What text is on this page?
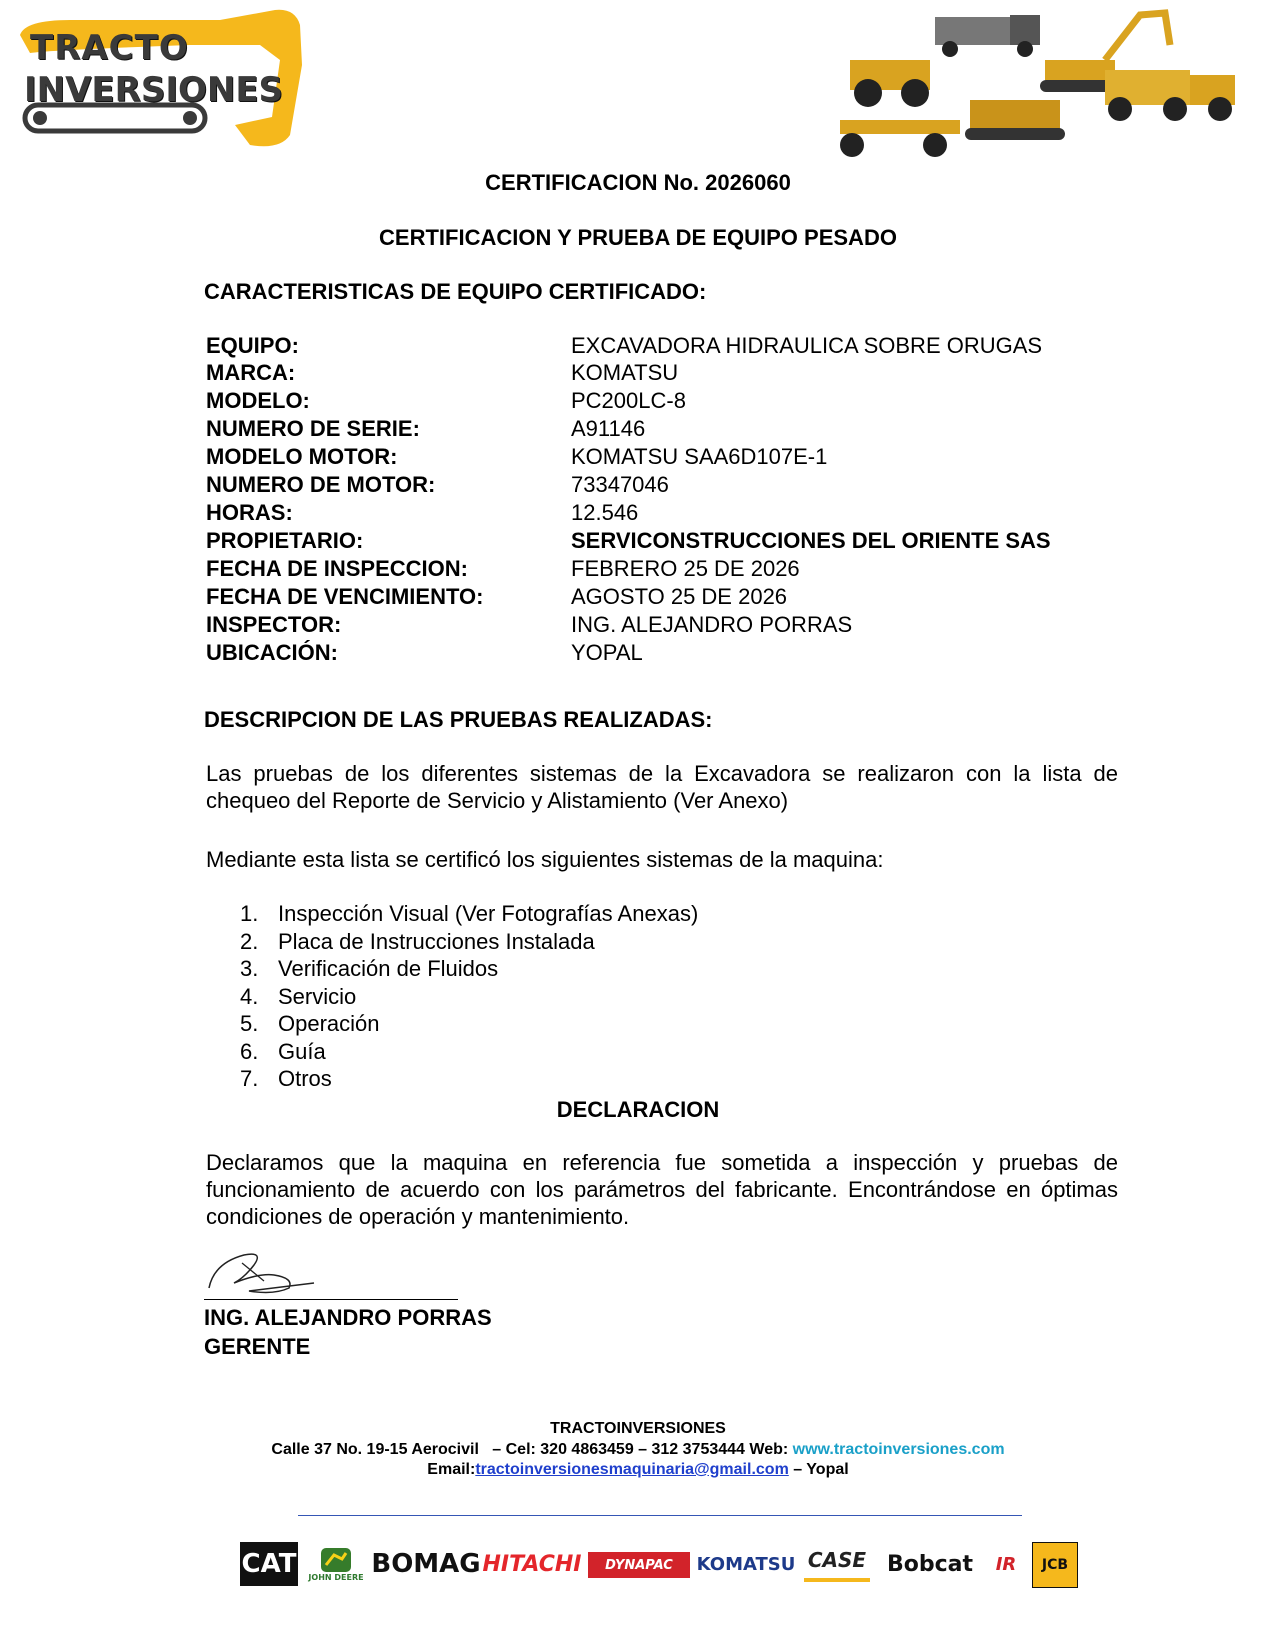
TRACTO
INVERSIONES
CERTIFICACION No. 2026060
CERTIFICACION Y PRUEBA DE EQUIPO PESADO
CARACTERISTICAS DE EQUIPO CERTIFICADO:
EQUIPO:	EXCAVADORA HIDRAULICA SOBRE ORUGAS
MARCA:	KOMATSU
MODELO:	PC200LC-8
NUMERO DE SERIE:	A91146
MODELO MOTOR:	KOMATSU SAA6D107E-1
NUMERO DE MOTOR:	73347046
HORAS:	12.546
PROPIETARIO:	SERVICONSTRUCCIONES DEL ORIENTE SAS
FECHA DE INSPECCION:	FEBRERO 25 DE 2026
FECHA DE VENCIMIENTO:	AGOSTO 25 DE 2026
INSPECTOR:	ING. ALEJANDRO PORRAS
UBICACIÓN:	YOPAL
DESCRIPCION DE LAS PRUEBAS REALIZADAS:
Las pruebas de los diferentes sistemas de la Excavadora se realizaron con la lista de chequeo del Reporte de Servicio y Alistamiento (Ver Anexo)
Mediante esta lista se certificó los siguientes sistemas de la maquina:
1. Inspección Visual (Ver Fotografías Anexas)
2. Placa de Instrucciones Instalada
3. Verificación de Fluidos
4. Servicio
5. Operación
6. Guía
7. Otros
DECLARACION
Declaramos que la maquina en referencia fue sometida a inspección y pruebas de funcionamiento de acuerdo con los parámetros del fabricante. Encontrándose en óptimas condiciones de operación y mantenimiento.
ING. ALEJANDRO PORRAS
GERENTE
TRACTOINVERSIONES
Calle 37 No. 19-15 Aerocivil – Cel: 320 4863459 – 312 3753444 Web: www.tractoinversiones.com
Email:tractoinversionesmaquinaria@gmail.com – Yopal
CAT JOHN DEERE BOMAG HITACHI	DYNAPAC	KOMATSU CASE Bobcat	IR	JCB
